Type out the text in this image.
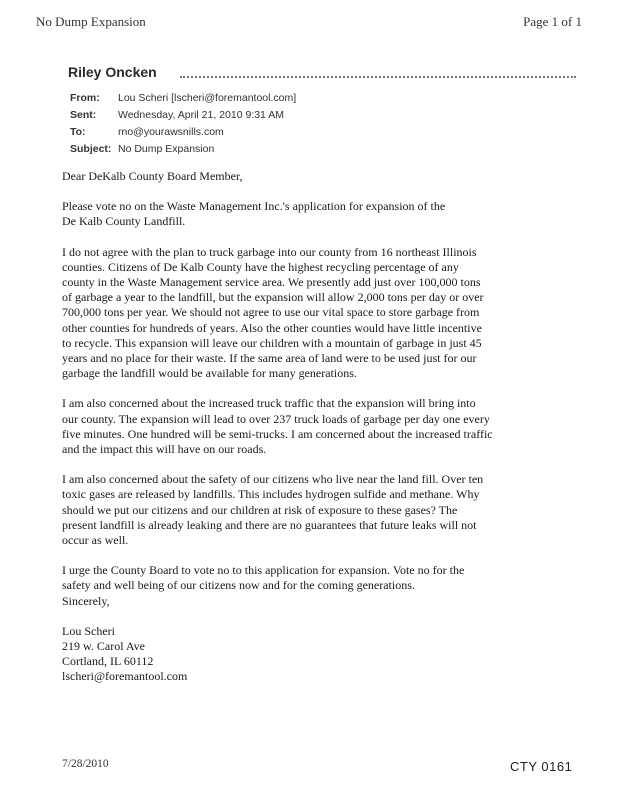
No Dump Expansion	Page 1 of 1
Riley Oncken
From:	Lou Scheri [lscheri@foremantool.com]
Sent:	Wednesday, April 21, 2010 9:31 AM
To:	rno@yourawsnills.com
Subject: No Dump Expansion

Dear DeKalb County Board Member,

Please vote no on the Waste Management Inc.'s application for expansion of the
De Kalb County Landfill.

I do not agree with the plan to truck garbage into our county from 16 northeast Illinois
counties. Citizens of De Kalb County have the highest recycling percentage of any
county in the Waste Management service area. We presently add just over 100,000 tons
of garbage a year to the landfill, but the expansion will allow 2,000 tons per day or over
700,000 tons per year. We should not agree to use our vital space to store garbage from
other counties for hundreds of years. Also the other counties would have little incentive
to recycle. This expansion will leave our children with a mountain of garbage in just 45
years and no place for their waste. If the same area of land were to be used just for our
garbage the landfill would be available for many generations.

I am also concerned about the increased truck traffic that the expansion will bring into
our county. The expansion will lead to over 237 truck loads of garbage per day one every
five minutes. One hundred will be semi-trucks. I am concerned about the increased traffic
and the impact this will have on our roads.

I am also concerned about the safety of our citizens who live near the land fill. Over ten
toxic gases are released by landfills. This includes hydrogen sulfide and methane. Why
should we put our citizens and our children at risk of exposure to these gases? The
present landfill is already leaking and there are no guarantees that future leaks will not
occur as well.

I urge the County Board to vote no to this application for expansion. Vote no for the
safety and well being of our citizens now and for the coming generations.
Sincerely,

Lou Scheri
219 w. Carol Ave
Cortland, IL 60112
lscheri@foremantool.com
7/28/2010	CTY 0161
